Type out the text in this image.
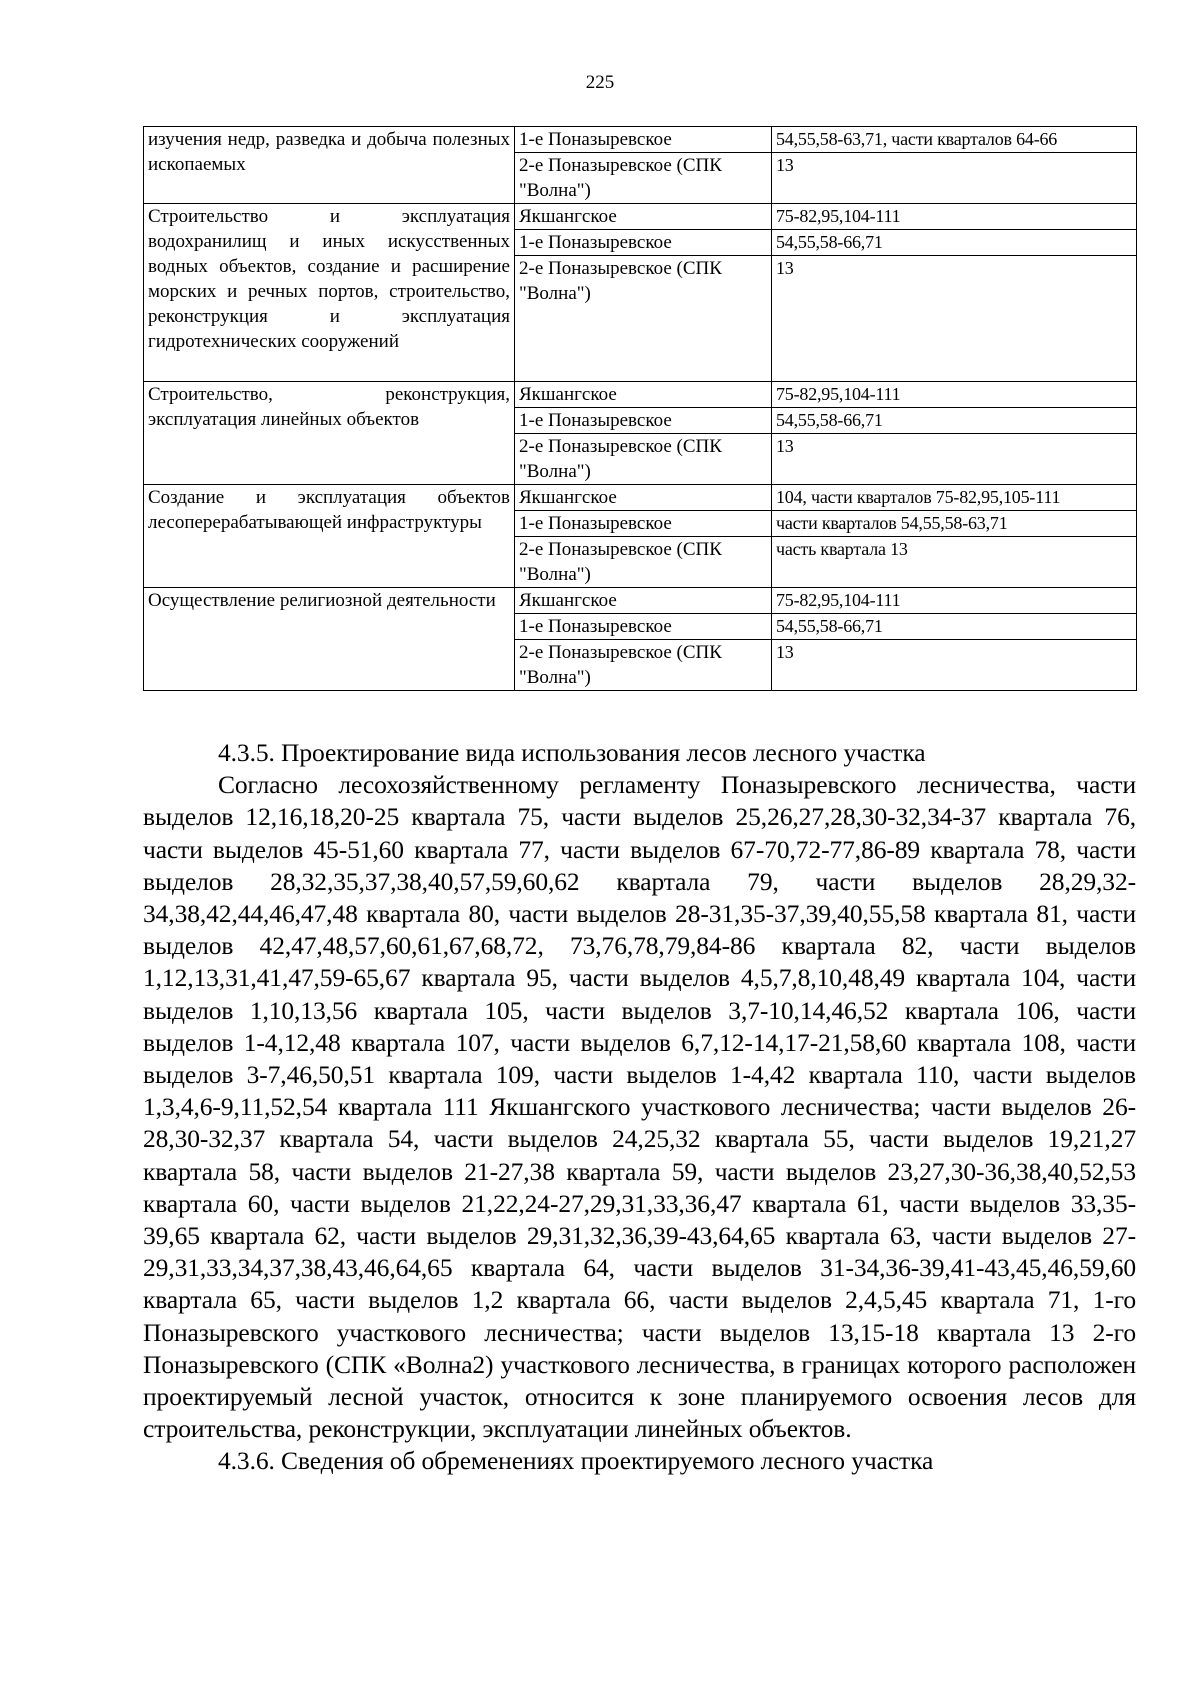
225
изучения недр, разведка и добыча полезных ископаемых	1-е Поназыревское	54,55,58-63,71, части кварталов 64-66
	2-е Поназыревское (СПК "Волна")	13
Строительство и эксплуатация водохранилищ и иных искусственных водных объектов, создание и расширение морских и речных портов, строительство, реконструкция и эксплуатация гидротехнических сооружений	Якшангское	75-82,95,104-111
	1-е Поназыревское	54,55,58-66,71
	2-е Поназыревское (СПК "Волна")	13
Строительство, реконструкция, эксплуатация линейных объектов	Якшангское	75-82,95,104-111
	1-е Поназыревское	54,55,58-66,71
	2-е Поназыревское (СПК "Волна")	13
Создание и эксплуатация объектов лесоперерабатывающей инфраструктуры	Якшангское	104, части кварталов 75-82,95,105-111
	1-е Поназыревское	части кварталов 54,55,58-63,71
	2-е Поназыревское (СПК "Волна")	часть квартала 13
Осуществление религиозной деятельности	Якшангское	75-82,95,104-111
	1-е Поназыревское	54,55,58-66,71
	2-е Поназыревское (СПК "Волна")	13

4.3.5. Проектирование вида использования лесов лесного участка

Согласно лесохозяйственному регламенту Поназыревского лесничества, части выделов 12,16,18,20-25 квартала 75, части выделов 25,26,27,28,30-32,34-37 квартала 76, части выделов 45-51,60 квартала 77, части выделов 67-70,72-77,86-89 квартала 78, части выделов 28,32,35,37,38,40,57,59,60,62 квартала 79, части выделов 28,29,32-34,38,42,44,46,47,48 квартала 80, части выделов 28-31,35-37,39,40,55,58 квартала 81, части выделов 42,47,48,57,60,61,67,68,72, 73,76,78,79,84-86 квартала 82, части выделов 1,12,13,31,41,47,59-65,67 квартала 95, части выделов 4,5,7,8,10,48,49 квартала 104, части выделов 1,10,13,56 квартала 105, части выделов 3,7-10,14,46,52 квартала 106, части выделов 1-4,12,48 квартала 107, части выделов 6,7,12-14,17-21,58,60 квартала 108, части выделов 3-7,46,50,51 квартала 109, части выделов 1-4,42 квартала 110, части выделов 1,3,4,6-9,11,52,54 квартала 111 Якшангского участкового лесничества; части выделов 26-28,30-32,37 квартала 54, части выделов 24,25,32 квартала 55, части выделов 19,21,27 квартала 58, части выделов 21-27,38 квартала 59, части выделов 23,27,30-36,38,40,52,53 квартала 60, части выделов 21,22,24-27,29,31,33,36,47 квартала 61, части выделов 33,35-39,65 квартала 62, части выделов 29,31,32,36,39-43,64,65 квартала 63, части выделов 27-29,31,33,34,37,38,43,46,64,65 квартала 64, части выделов 31-34,36-39,41-43,45,46,59,60 квартала 65, части выделов 1,2 квартала 66, части выделов 2,4,5,45 квартала 71, 1-го Поназыревского участкового лесничества; части выделов 13,15-18 квартала 13 2-го Поназыревского (СПК «Волна2) участкового лесничества, в границах которого расположен проектируемый лесной участок, относится к зоне планируемого освоения лесов для строительства, реконструкции, эксплуатации линейных объектов.

4.3.6. Сведения об обременениях проектируемого лесного участка
